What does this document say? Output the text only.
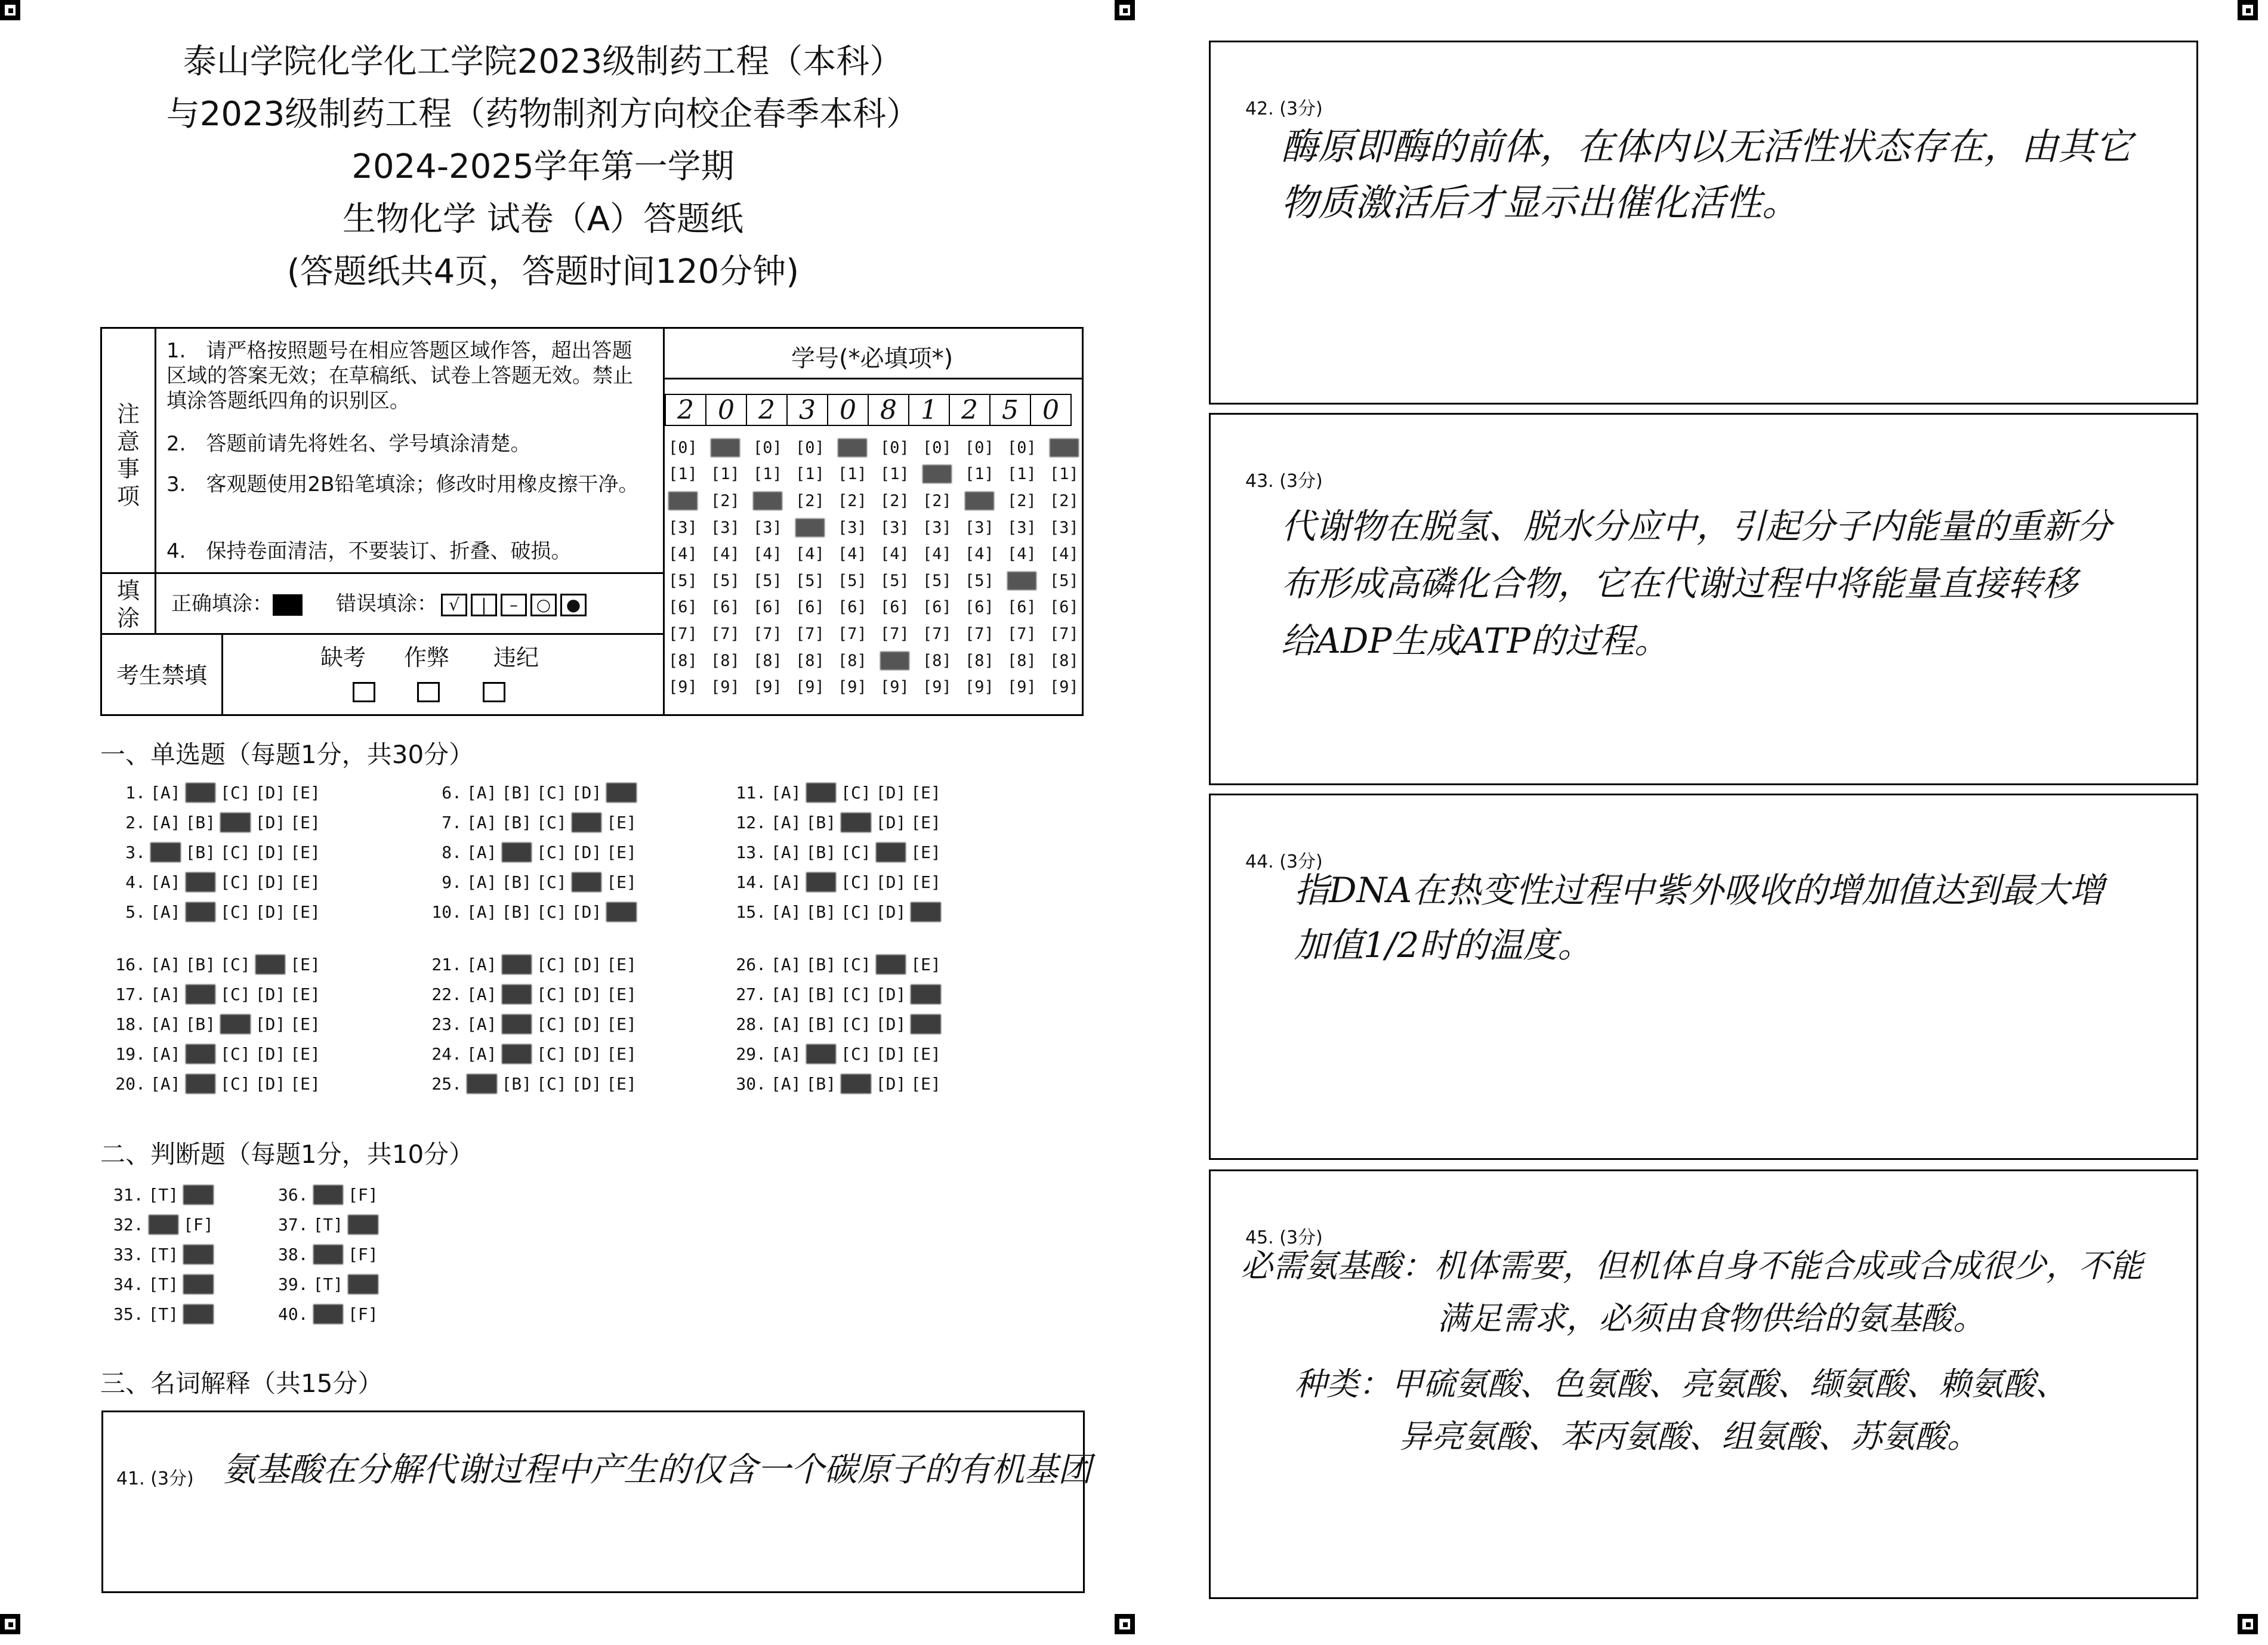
泰山学院化学化工学院2023级制药工程（本科）
与2023级制药工程（药物制剂方向校企春季本科）
2024-2025学年第一学期
生物化学 试卷（A）答题纸
(答题纸共4页，答题时间120分钟)
注
意
事
项
1.　请严格按照题号在相应答题区域作答，超出答题区域的答案无效；在草稿纸、试卷上答题无效。禁止填涂答题纸四角的识别区。
2.　答题前请先将姓名、学号填涂清楚。
3.　客观题使用2B铅笔填涂；修改时用橡皮擦干净。
4.　保持卷面清洁，不要装订、折叠、破损。
填
涂
正确填涂：	错误填涂： √ | – ○ ●
考生禁填
缺考 作弊 违纪
学号(*必填项*)
2 0 2 3 0 8 1 2 5 0
[0] [0] [0] [0] [0] [0] [0] [0] [0] [0]
[1] [1] [1] [1] [1] [1] [1] [1] [1] [1]
[2] [2] [2] [2] [2] [2] [2] [2] [2] [2]
[3] [3] [3] [3] [3] [3] [3] [3] [3] [3]
[4] [4] [4] [4] [4] [4] [4] [4] [4] [4]
[5] [5] [5] [5] [5] [5] [5] [5] [5] [5]
[6] [6] [6] [6] [6] [6] [6] [6] [6] [6]
[7] [7] [7] [7] [7] [7] [7] [7] [7] [7]
[8] [8] [8] [8] [8] [8] [8] [8] [8] [8]
[9] [9] [9] [9] [9] [9] [9] [9] [9] [9]
一、单选题（每题1分，共30分）
1. [A] [B] [C] [D] [E]
2. [A] [B] [C] [D] [E]
3. [A] [B] [C] [D] [E]
4. [A] [B] [C] [D] [E]
5. [A] [B] [C] [D] [E]
6. [A] [B] [C] [D] [E]
7. [A] [B] [C] [D] [E]
8. [A] [B] [C] [D] [E]
9. [A] [B] [C] [D] [E]
10. [A] [B] [C] [D] [E]
11. [A] [B] [C] [D] [E]
12. [A] [B] [C] [D] [E]
13. [A] [B] [C] [D] [E]
14. [A] [B] [C] [D] [E]
15. [A] [B] [C] [D] [E]
16. [A] [B] [C] [D] [E]
17. [A] [B] [C] [D] [E]
18. [A] [B] [C] [D] [E]
19. [A] [B] [C] [D] [E]
20. [A] [B] [C] [D] [E]
21. [A] [B] [C] [D] [E]
22. [A] [B] [C] [D] [E]
23. [A] [B] [C] [D] [E]
24. [A] [B] [C] [D] [E]
25. [A] [B] [C] [D] [E]
26. [A] [B] [C] [D] [E]
27. [A] [B] [C] [D] [E]
28. [A] [B] [C] [D] [E]
29. [A] [B] [C] [D] [E]
30. [A] [B] [C] [D] [E]
二、判断题（每题1分，共10分）
31. [T] [F]
32. [T] [F]
33. [T] [F]
34. [T] [F]
35. [T] [F]
36. [T] [F]
37. [T] [F]
38. [T] [F]
39. [T] [F]
40. [T] [F]
三、名词解释（共15分）
41. (3分) 氨基酸在分解代谢过程中产生的仅含一个碳原子的有机基团
42. (3分)
酶原即酶的前体，在体内以无活性状态存在，由其它
物质激活后才显示出催化活性。
43. (3分)
代谢物在脱氢、脱水分应中，引起分子内能量的重新分
布形成高磷化合物，它在代谢过程中将能量直接转移
给ADP生成ATP的过程。
44. (3分)
指DNA在热变性过程中紫外吸收的增加值达到最大增
加值1/2时的温度。
45. (3分)
必需氨基酸：机体需要，但机体自身不能合成或合成很少，不能
满足需求，必须由食物供给的氨基酸。
种类：甲硫氨酸、色氨酸、亮氨酸、缬氨酸、赖氨酸、
异亮氨酸、苯丙氨酸、组氨酸、苏氨酸。
